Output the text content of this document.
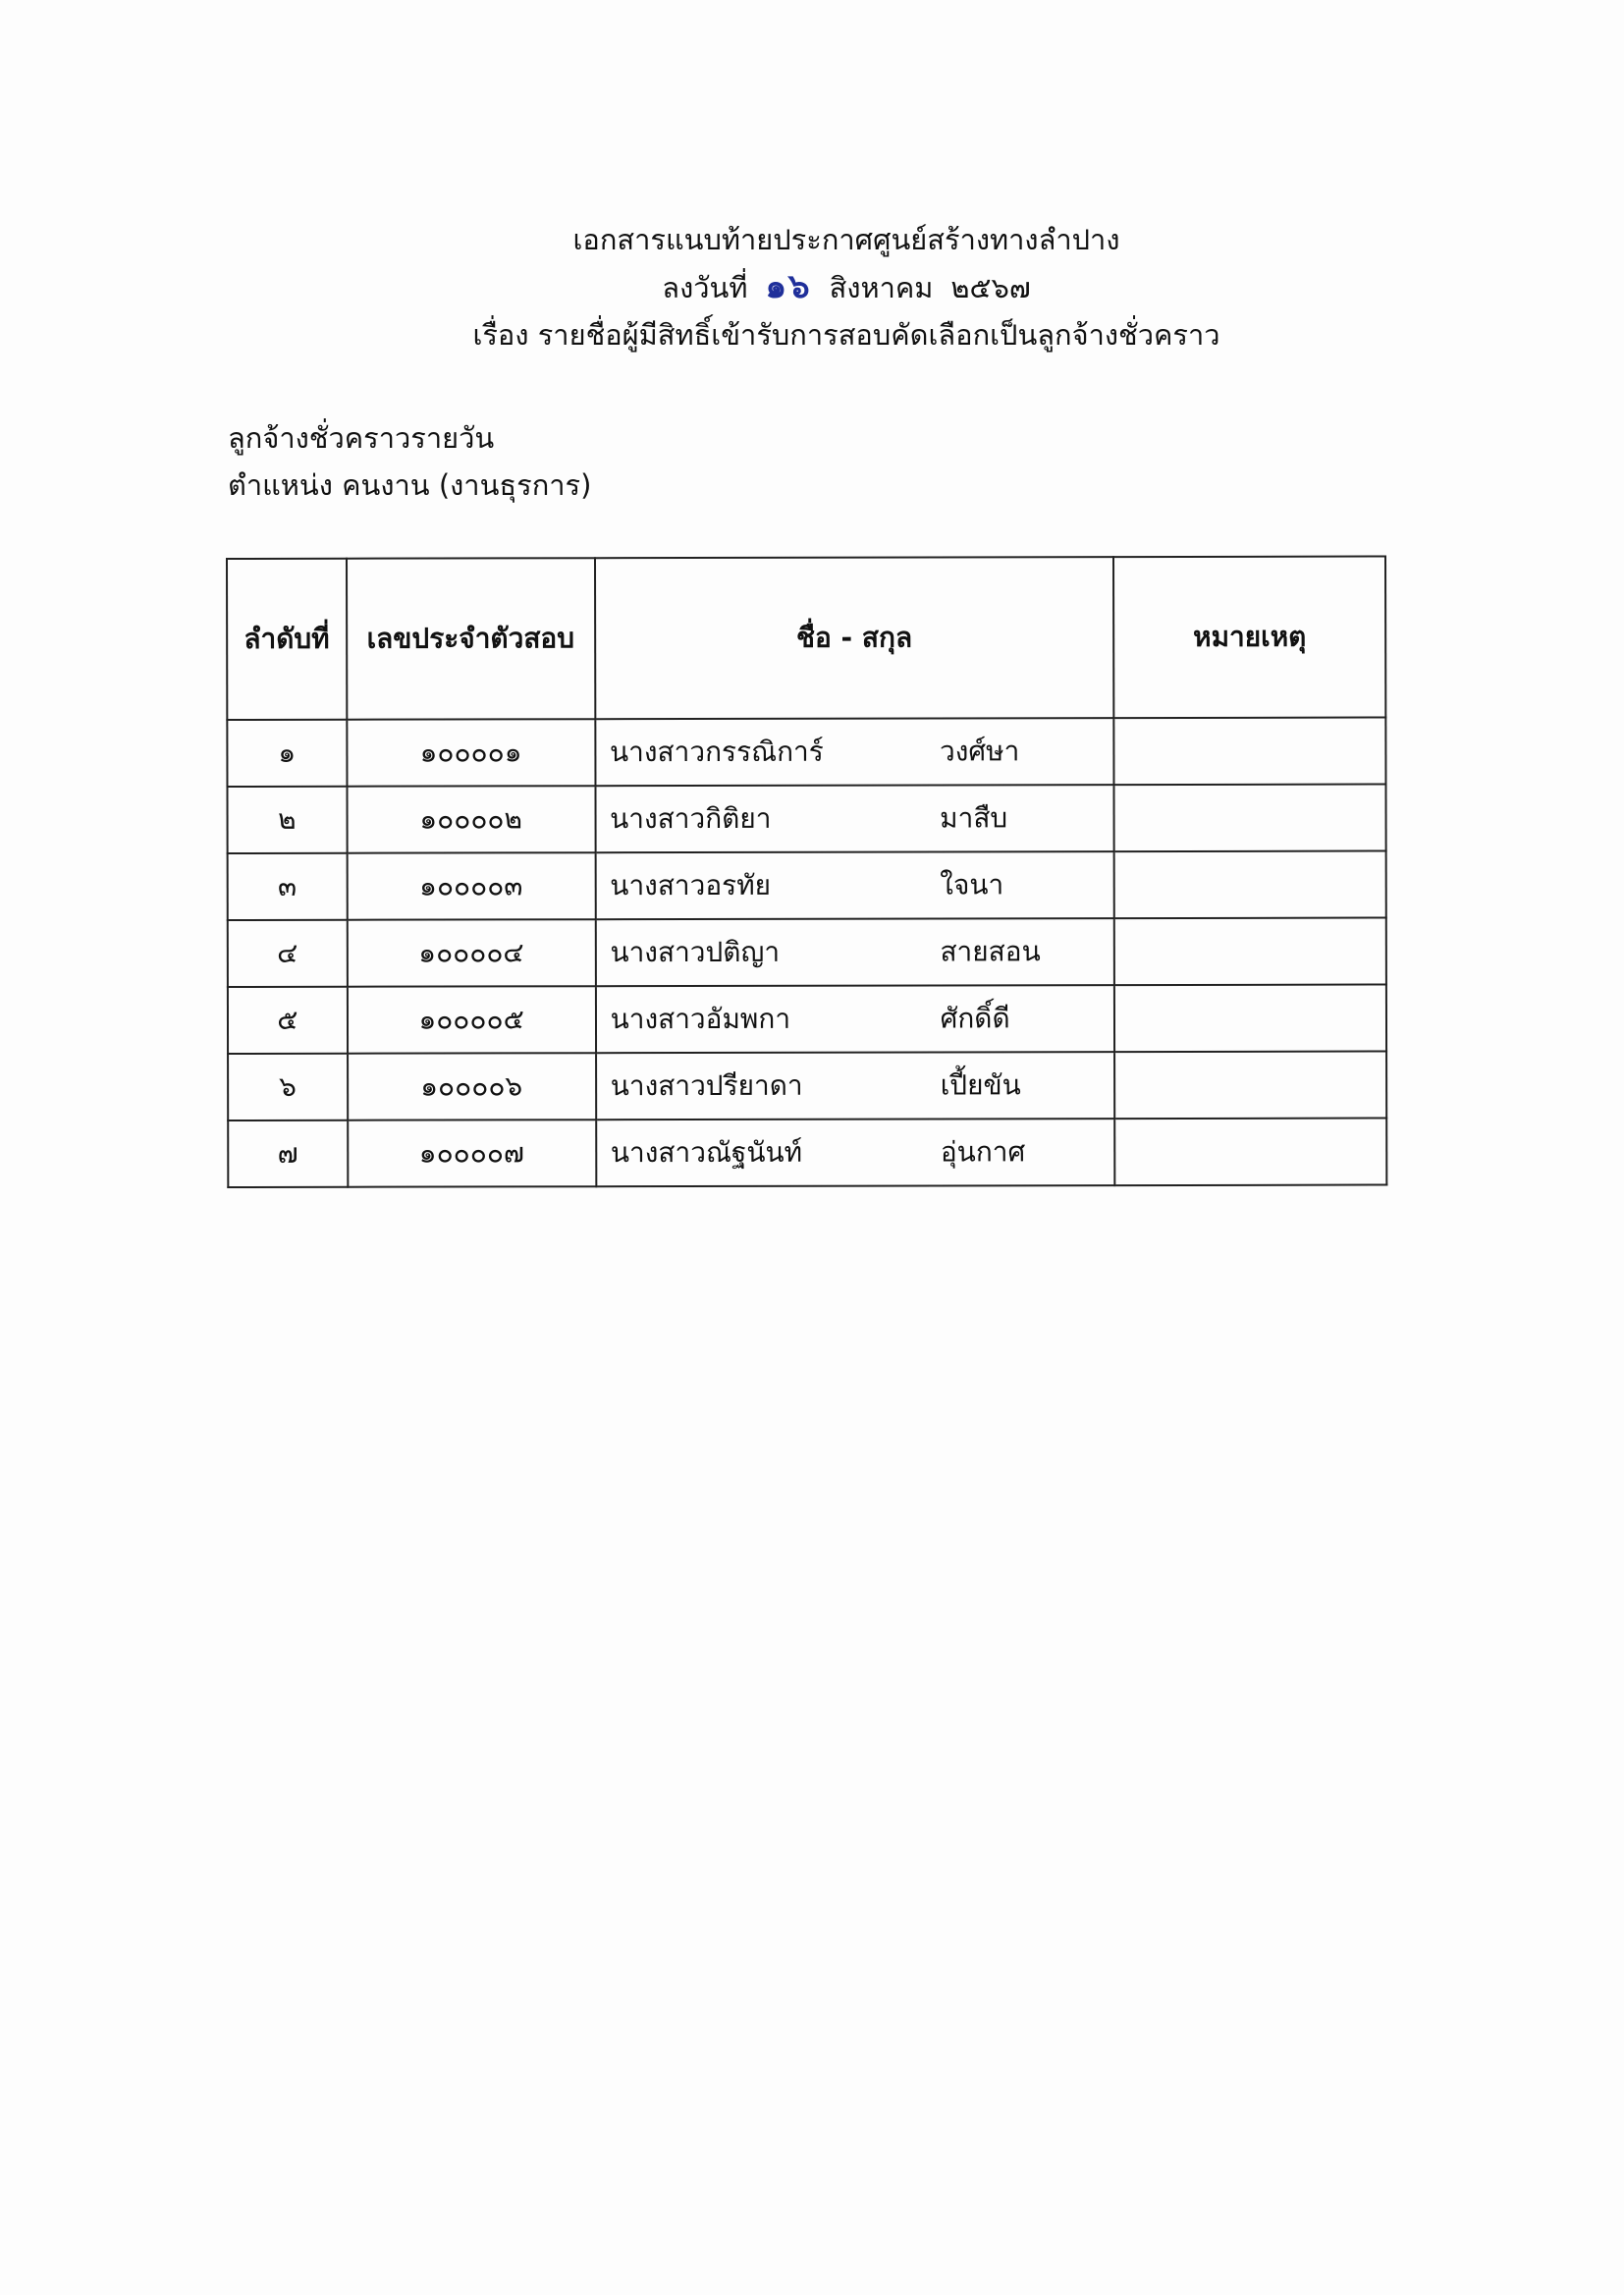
เอกสารแนบท้ายประกาศศูนย์สร้างทางลำปาง
ลงวันที่ ๑๖ สิงหาคม ๒๕๖๗
เรื่อง รายชื่อผู้มีสิทธิ์เข้ารับการสอบคัดเลือกเป็นลูกจ้างชั่วคราว
ลูกจ้างชั่วคราวรายวัน
ตำแหน่ง คนงาน (งานธุรการ)
ลำดับที่	เลขประจำตัวสอบ	ชื่อ - สกุล	หมายเหตุ
๑	๑๐๐๐๐๑	นางสาวกรรณิการ์ วงศ์ษา	

๒	๑๐๐๐๐๒	นางสาวกิติยา มาสืบ	

๓	๑๐๐๐๐๓	นางสาวอรทัย ใจนา	

๔	๑๐๐๐๐๔	นางสาวปติญา สายสอน	

๕	๑๐๐๐๐๕	นางสาวอัมพกา ศักดิ์ดี	

๖	๑๐๐๐๐๖	นางสาวปรียาดา เปี้ยขัน	

๗	๑๐๐๐๐๗	นางสาวณัฐนันท์ อุ่นกาศ	
